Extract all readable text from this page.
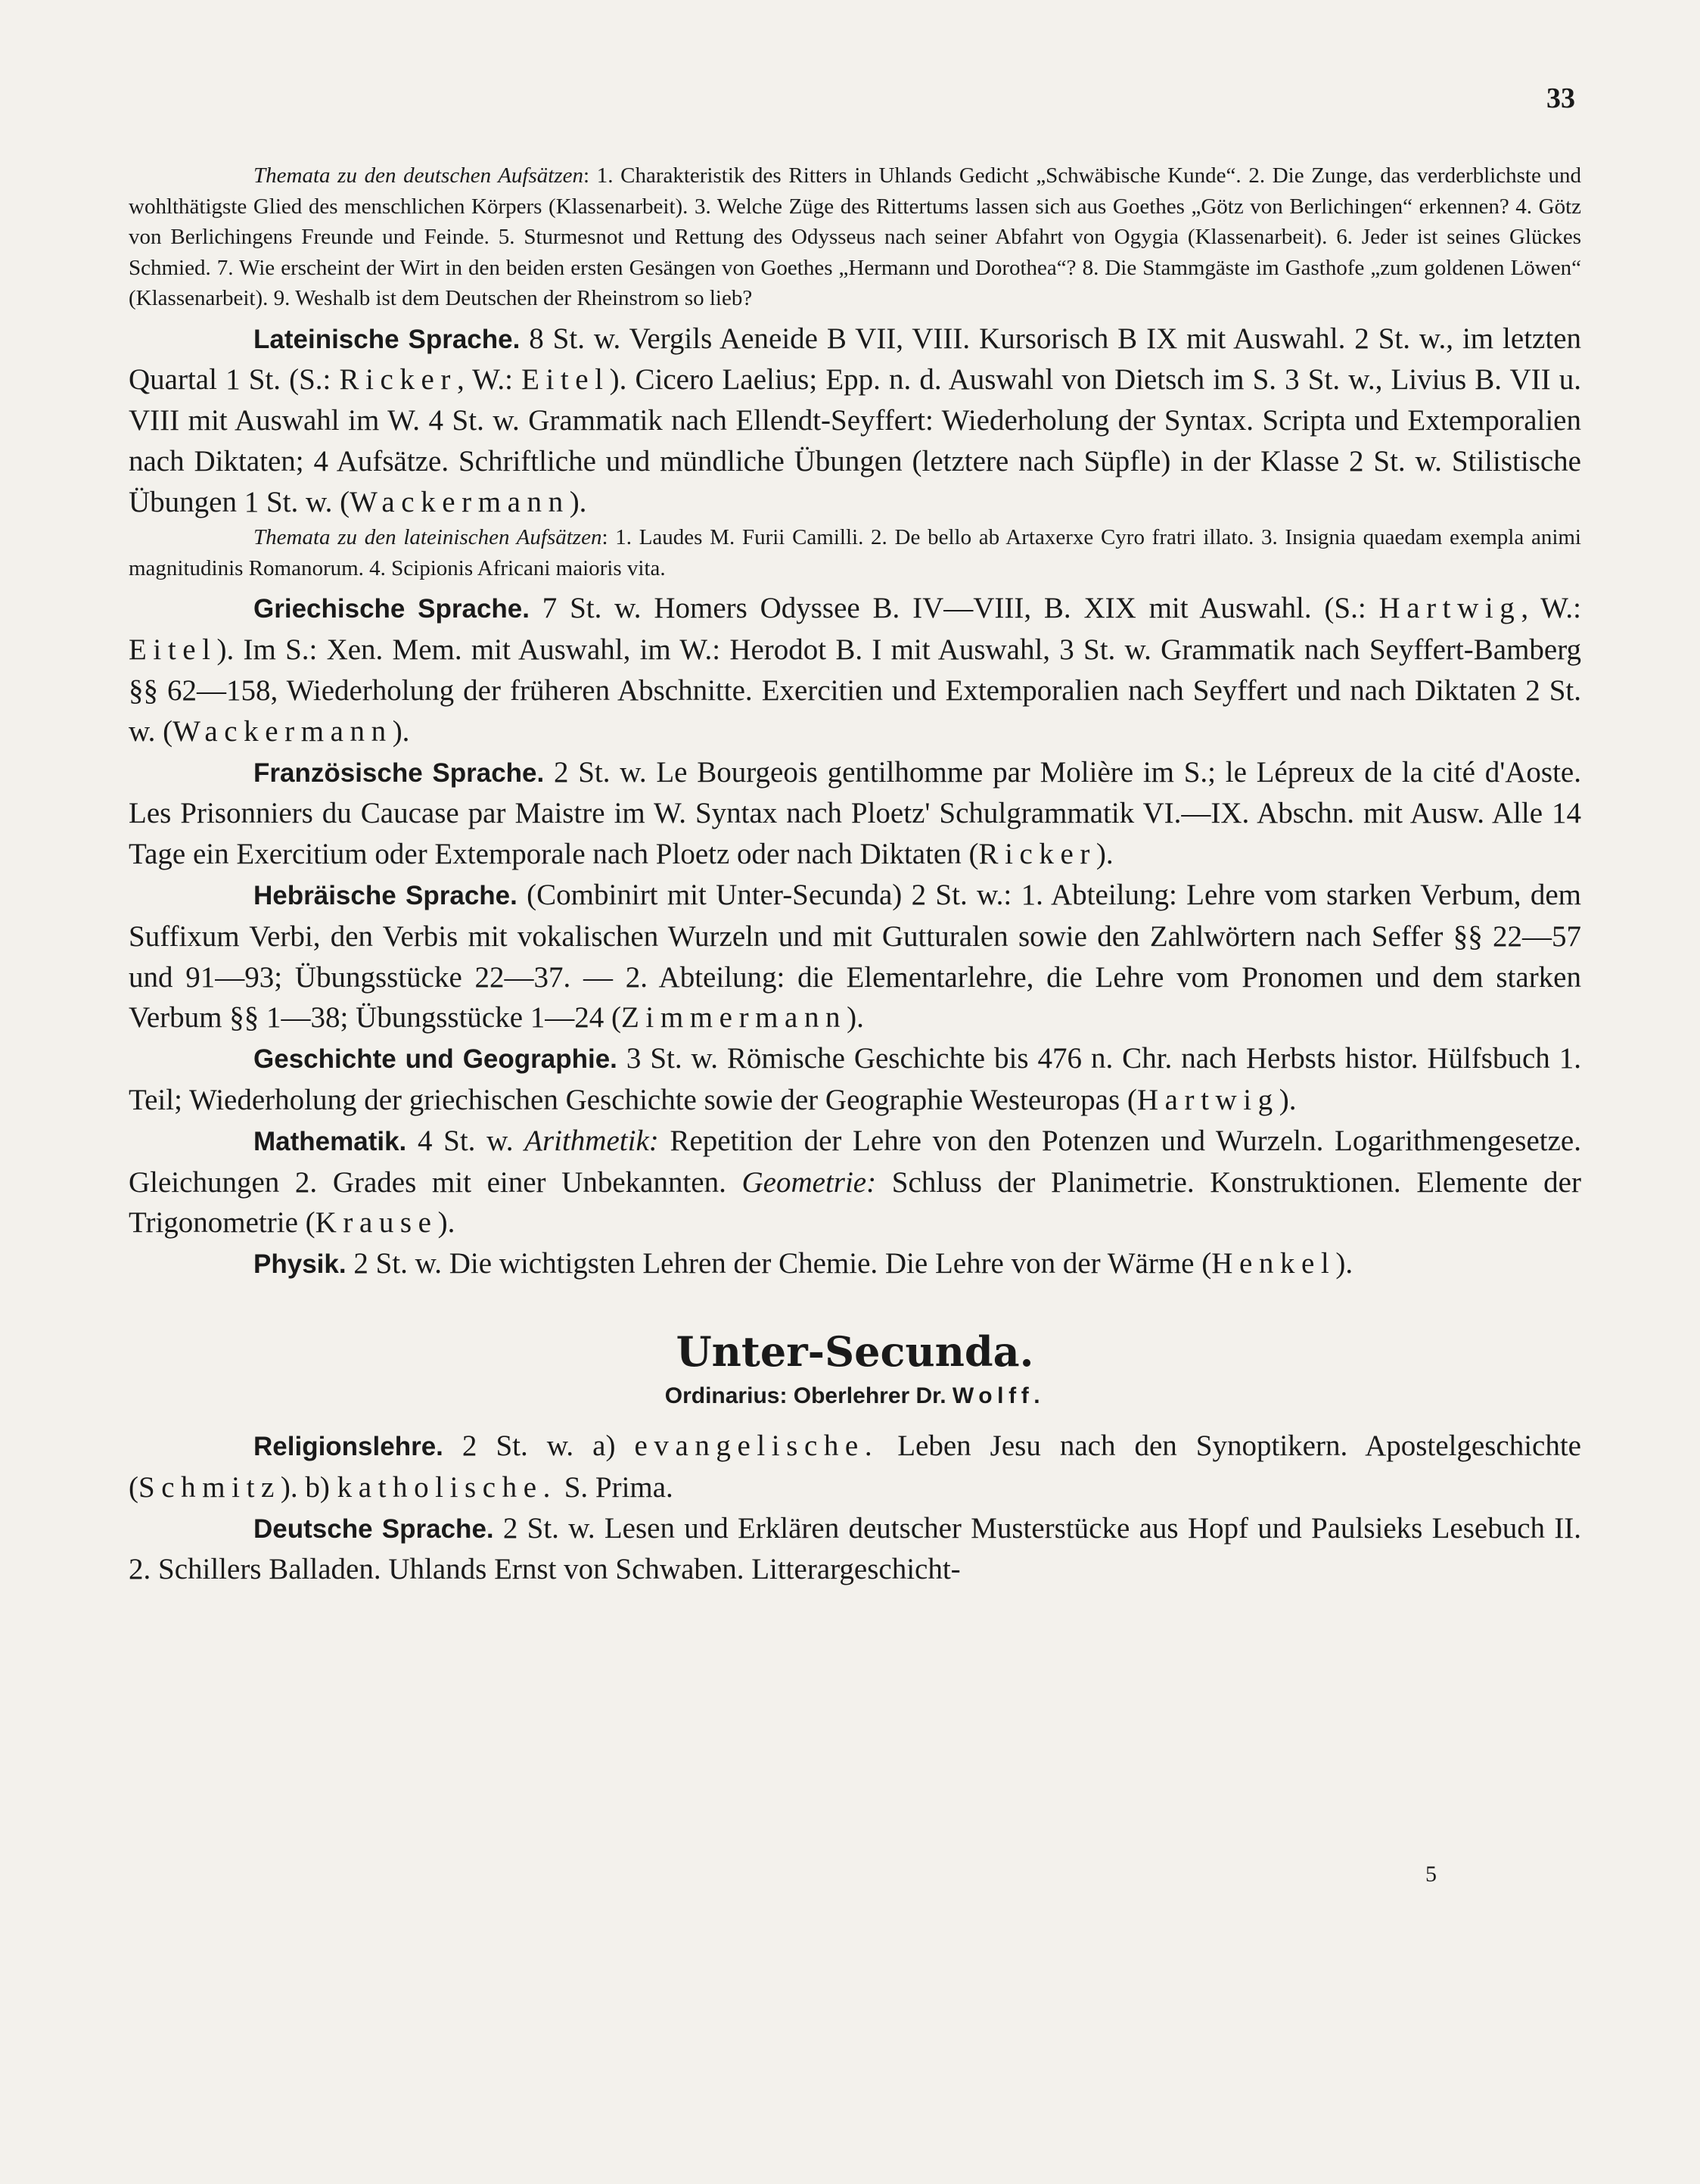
33

Themata zu den deutschen Aufsätzen: 1. Charakteristik des Ritters in Uhlands Gedicht „Schwäbische Kunde“. 2. Die Zunge, das verderblichste und wohlthätigste Glied des menschlichen Körpers (Klassenarbeit). 3. Welche Züge des Rittertums lassen sich aus Goethes „Götz von Berlichingen“ erkennen? 4. Götz von Berlichingens Freunde und Feinde. 5. Sturmesnot und Rettung des Odysseus nach seiner Abfahrt von Ogygia (Klassenarbeit). 6. Jeder ist seines Glückes Schmied. 7. Wie erscheint der Wirt in den beiden ersten Gesängen von Goethes „Hermann und Dorothea“? 8. Die Stammgäste im Gasthofe „zum goldenen Löwen“ (Klassenarbeit). 9. Weshalb ist dem Deutschen der Rheinstrom so lieb?

Lateinische Sprache. 8 St. w. Vergils Aeneide B VII, VIII. Kursorisch B IX mit Auswahl. 2 St. w., im letzten Quartal 1 St. (S.: Ricker, W.: Eitel). Cicero Laelius; Epp. n. d. Auswahl von Dietsch im S. 3 St. w., Livius B. VII u. VIII mit Auswahl im W. 4 St. w. Grammatik nach Ellendt-Seyffert: Wiederholung der Syntax. Scripta und Extemporalien nach Diktaten; 4 Aufsätze. Schriftliche und mündliche Übungen (letztere nach Süpfle) in der Klasse 2 St. w. Stilistische Übungen 1 St. w. (Wackermann).

Themata zu den lateinischen Aufsätzen: 1. Laudes M. Furii Camilli. 2. De bello ab Artaxerxe Cyro fratri illato. 3. Insignia quaedam exempla animi magnitudinis Romanorum. 4. Scipionis Africani maioris vita.

Griechische Sprache. 7 St. w. Homers Odyssee B. IV—VIII, B. XIX mit Auswahl. (S.: Hartwig, W.: Eitel). Im S.: Xen. Mem. mit Auswahl, im W.: Herodot B. I mit Auswahl, 3 St. w. Grammatik nach Seyffert-Bamberg §§ 62—158, Wiederholung der früheren Abschnitte. Exercitien und Extemporalien nach Seyffert und nach Diktaten 2 St. w. (Wackermann).

Französische Sprache. 2 St. w. Le Bourgeois gentilhomme par Molière im S.; le Lépreux de la cité d'Aoste. Les Prisonniers du Caucase par Maistre im W. Syntax nach Ploetz' Schulgrammatik VI.—IX. Abschn. mit Ausw. Alle 14 Tage ein Exercitium oder Extemporale nach Ploetz oder nach Diktaten (Ricker).

Hebräische Sprache. (Combinirt mit Unter-Secunda) 2 St. w.: 1. Abteilung: Lehre vom starken Verbum, dem Suffixum Verbi, den Verbis mit vokalischen Wurzeln und mit Gutturalen sowie den Zahlwörtern nach Seffer §§ 22—57 und 91—93; Übungsstücke 22—37. — 2. Abteilung: die Elementarlehre, die Lehre vom Pronomen und dem starken Verbum §§ 1—38; Übungsstücke 1—24 (Zimmermann).

Geschichte und Geographie. 3 St. w. Römische Geschichte bis 476 n. Chr. nach Herbsts histor. Hülfsbuch 1. Teil; Wiederholung der griechischen Geschichte sowie der Geographie Westeuropas (Hartwig).

Mathematik. 4 St. w. Arithmetik: Repetition der Lehre von den Potenzen und Wurzeln. Logarithmengesetze. Gleichungen 2. Grades mit einer Unbekannten. Geometrie: Schluss der Planimetrie. Konstruktionen. Elemente der Trigonometrie (Krause).

Physik. 2 St. w. Die wichtigsten Lehren der Chemie. Die Lehre von der Wärme (Henkel).

Unter-Secunda.
Ordinarius: Oberlehrer Dr. Wolff.

Religionslehre. 2 St. w. a) evangelische. Leben Jesu nach den Synoptikern. Apostelgeschichte (Schmitz). b) katholische. S. Prima.

Deutsche Sprache. 2 St. w. Lesen und Erklären deutscher Musterstücke aus Hopf und Paulsieks Lesebuch II. 2. Schillers Balladen. Uhlands Ernst von Schwaben. Litterargeschicht-

5
